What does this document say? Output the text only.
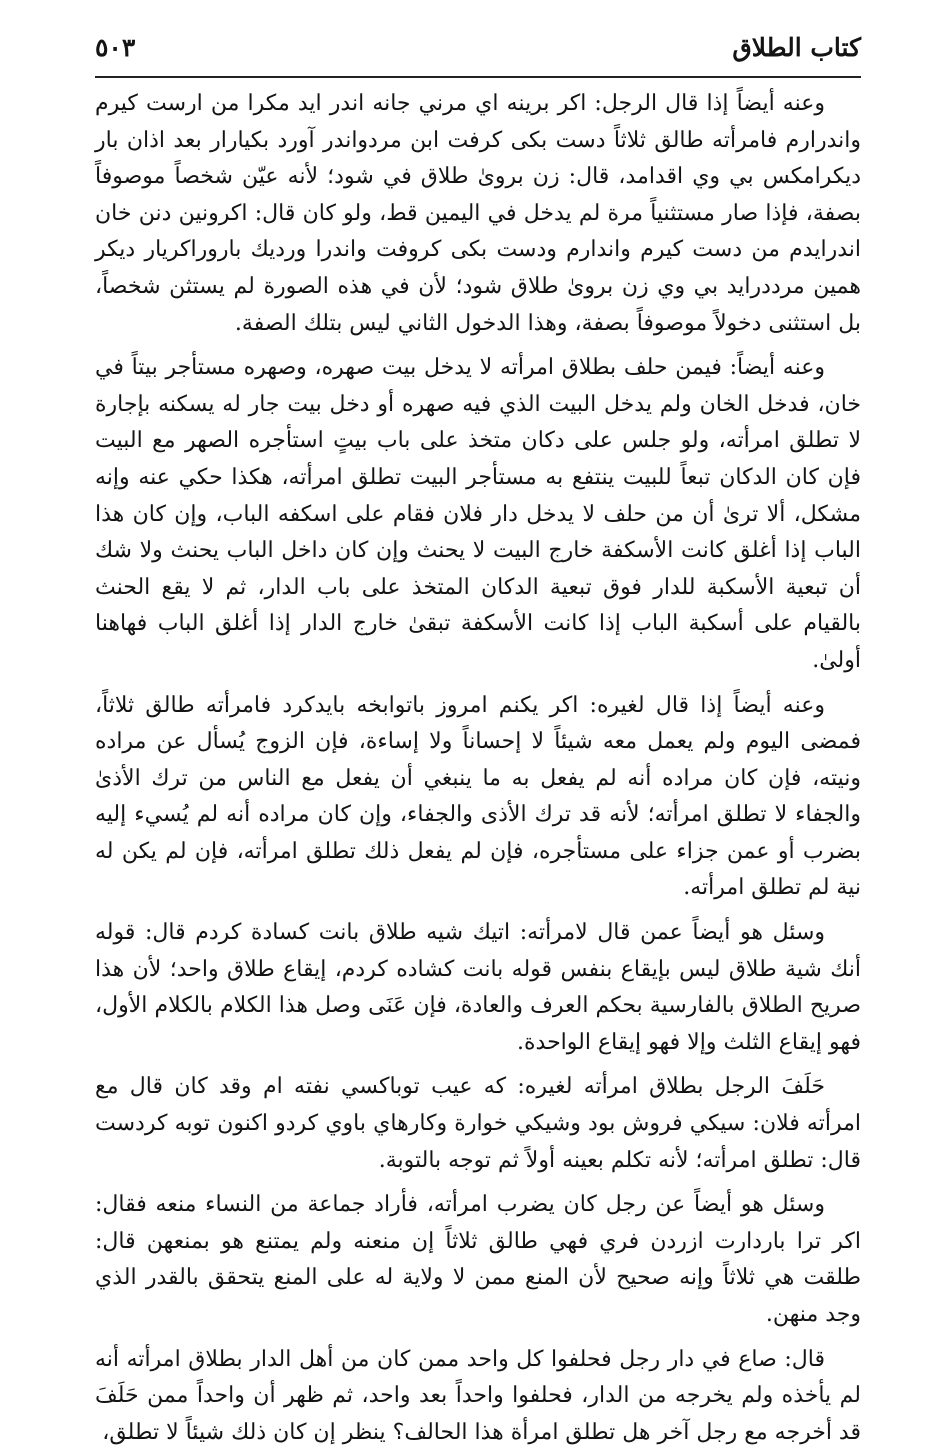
كتاب الطلاق
٥٠٣

وعنه أيضاً إذا قال الرجل: اكر برينه اي مرني جانه اندر ايد مكرا من ارست كيرم واندرارم فامرأته طالق ثلاثاً دست بكى كرفت ابن مردواندر آورد بكيارار بعد اذان بار ديكرامكس بي وي اقدامد، قال: زن بروىٰ طلاق في شود؛ لأنه عيّن شخصاً موصوفاً بصفة، فإذا صار مستثنياً مرة لم يدخل في اليمين قط، ولو كان قال: اكرونين دنن خان اندرايدم من دست كيرم واندارم ودست بكى كروفت واندرا ورديك باروراكريار ديكر همين مرددرايد بي وي زن بروىٰ طلاق شود؛ لأن في هذه الصورة لم يستثن شخصاً، بل استثنى دخولاً موصوفاً بصفة، وهذا الدخول الثاني ليس بتلك الصفة.

وعنه أيضاً: فيمن حلف بطلاق امرأته لا يدخل بيت صهره، وصهره مستأجر بيتاً في خان، فدخل الخان ولم يدخل البيت الذي فيه صهره أو دخل بيت جار له يسكنه بإجارة لا تطلق امرأته، ولو جلس على دكان متخذ على باب بيتٍ استأجره الصهر مع البيت فإن كان الدكان تبعاً للبيت ينتفع به مستأجر البيت تطلق امرأته، هكذا حكي عنه وإنه مشكل، ألا ترىٰ أن من حلف لا يدخل دار فلان فقام على اسكفه الباب، وإن كان هذا الباب إذا أغلق كانت الأسكفة خارج البيت لا يحنث وإن كان داخل الباب يحنث ولا شك أن تبعية الأسكبة للدار فوق تبعية الدكان المتخذ على باب الدار، ثم لا يقع الحنث بالقيام على أسكبة الباب إذا كانت الأسكفة تبقىٰ خارج الدار إذا أغلق الباب فهاهنا أولىٰ.

وعنه أيضاً إذا قال لغيره: اكر يكنم امروز باتوابخه بايدكرد فامرأته طالق ثلاثاً، فمضى اليوم ولم يعمل معه شيئاً لا إحساناً ولا إساءة، فإن الزوج يُسأل عن مراده ونيته، فإن كان مراده أنه لم يفعل به ما ينبغي أن يفعل مع الناس من ترك الأذىٰ والجفاء لا تطلق امرأته؛ لأنه قد ترك الأذى والجفاء، وإن كان مراده أنه لم يُسيء إليه بضرب أو عمن جزاء على مستأجره، فإن لم يفعل ذلك تطلق امرأته، فإن لم يكن له نية لم تطلق امرأته.

وسئل هو أيضاً عمن قال لامرأته: اتيك شيه طلاق بانت كسادة كردم قال: قوله أنك شية طلاق ليس بإيقاع بنفس قوله بانت كشاده كردم، إيقاع طلاق واحد؛ لأن هذا صريح الطلاق بالفارسية بحكم العرف والعادة، فإن عَنَى وصل هذا الكلام بالكلام الأول، فهو إيقاع الثلث وإلا فهو إيقاع الواحدة.

حَلَفَ الرجل بطلاق امرأته لغيره: كه عيب توباكسي نفته ام وقد كان قال مع امرأته فلان: سيكي فروش بود وشيكي خوارة وكارهاي باوي كردو اكنون توبه كردست قال: تطلق امرأته؛ لأنه تكلم بعينه أولاً ثم توجه بالتوبة.

وسئل هو أيضاً عن رجل كان يضرب امرأته، فأراد جماعة من النساء منعه فقال: اكر ترا باردارت ازردن فري فهي طالق ثلاثاً إن منعنه ولم يمتنع هو بمنعهن قال: طلقت هي ثلاثاً وإنه صحيح لأن المنع ممن لا ولاية له على المنع يتحقق بالقدر الذي وجد منهن.

قال: صاع في دار رجل فحلفوا كل واحد ممن كان من أهل الدار بطلاق امرأته أنه لم يأخذه ولم يخرجه من الدار، فحلفوا واحداً بعد واحد، ثم ظهر أن واحداً ممن حَلَفَ قد أخرجه مع رجل آخر هل تطلق امرأة هذا الحالف؟ ينظر إن كان ذلك شيئاً لا تطلق،
